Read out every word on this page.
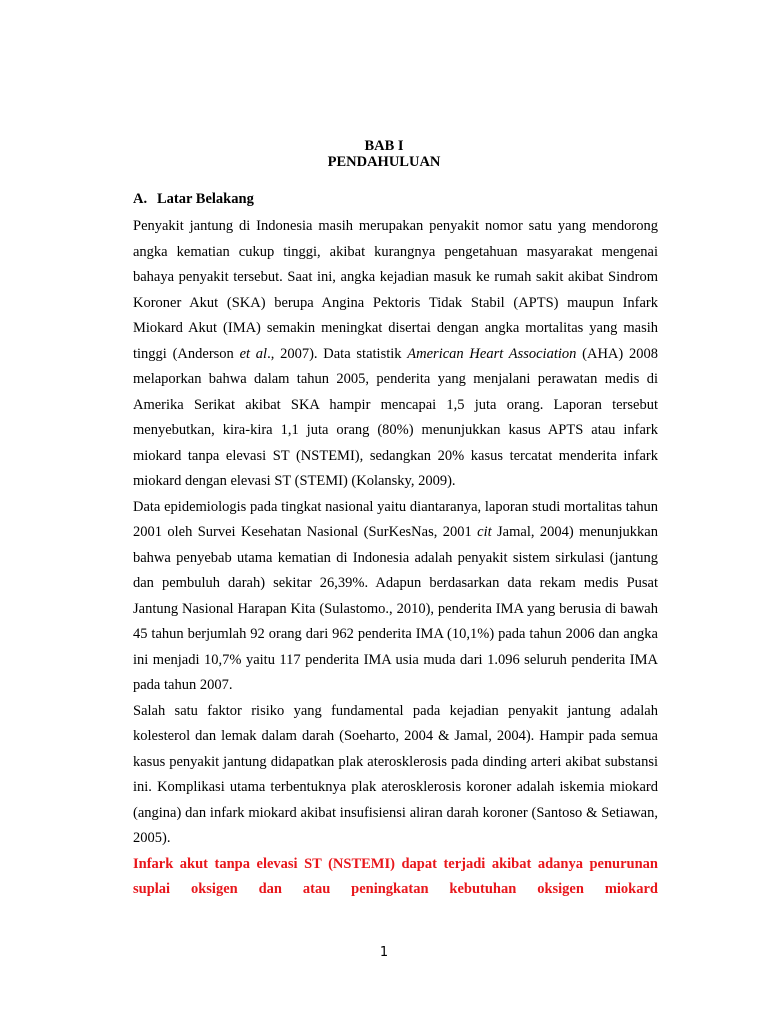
BAB I
PENDAHULUAN
A. Latar Belakang

Penyakit jantung di Indonesia masih merupakan penyakit nomor satu yang mendorong angka kematian cukup tinggi, akibat kurangnya pengetahuan masyarakat mengenai bahaya penyakit tersebut. Saat ini, angka kejadian masuk ke rumah sakit akibat Sindrom Koroner Akut (SKA) berupa Angina Pektoris Tidak Stabil (APTS) maupun Infark Miokard Akut (IMA) semakin meningkat disertai dengan angka mortalitas yang masih tinggi (Anderson et al., 2007). Data statistik American Heart Association (AHA) 2008 melaporkan bahwa dalam tahun 2005, penderita yang menjalani perawatan medis di Amerika Serikat akibat SKA hampir mencapai 1,5 juta orang. Laporan tersebut menyebutkan, kira-kira 1,1 juta orang (80%) menunjukkan kasus APTS atau infark miokard tanpa elevasi ST (NSTEMI), sedangkan 20% kasus tercatat menderita infark miokard dengan elevasi ST (STEMI) (Kolansky, 2009).

Data epidemiologis pada tingkat nasional yaitu diantaranya, laporan studi mortalitas tahun 2001 oleh Survei Kesehatan Nasional (SurKesNas, 2001 cit Jamal, 2004) menunjukkan bahwa penyebab utama kematian di Indonesia adalah penyakit sistem sirkulasi (jantung dan pembuluh darah) sekitar 26,39%. Adapun berdasarkan data rekam medis Pusat Jantung Nasional Harapan Kita (Sulastomo., 2010), penderita IMA yang berusia di bawah 45 tahun berjumlah 92 orang dari 962 penderita IMA (10,1%) pada tahun 2006 dan angka ini menjadi 10,7% yaitu 117 penderita IMA usia muda dari 1.096 seluruh penderita IMA pada tahun 2007.

Salah satu faktor risiko yang fundamental pada kejadian penyakit jantung adalah kolesterol dan lemak dalam darah (Soeharto, 2004 & Jamal, 2004). Hampir pada semua kasus penyakit jantung didapatkan plak aterosklerosis pada dinding arteri akibat substansi ini. Komplikasi utama terbentuknya plak aterosklerosis koroner adalah iskemia miokard (angina) dan infark miokard akibat insufisiensi aliran darah koroner (Santoso & Setiawan, 2005).

Infark akut tanpa elevasi ST (NSTEMI) dapat terjadi akibat adanya penurunan suplai oksigen dan atau peningkatan kebutuhan oksigen miokard

1
